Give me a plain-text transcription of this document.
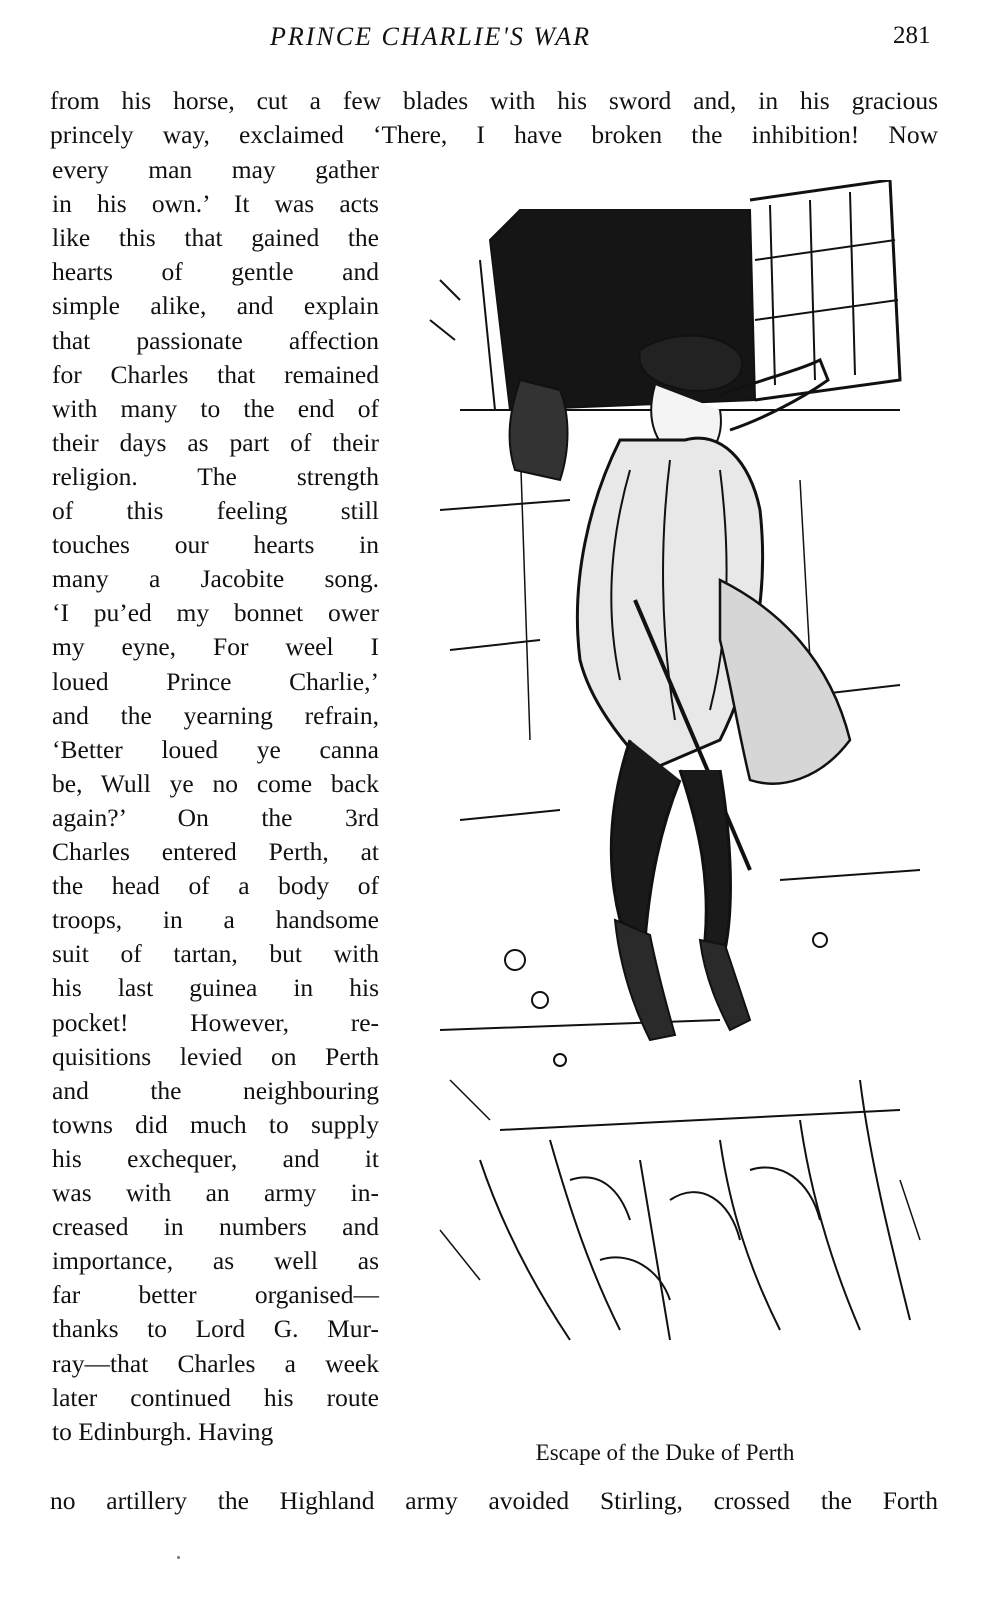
PRINCE CHARLIE'S WAR	281
from his horse, cut a few blades with his sword and, in his gracious
princely way, exclaimed ‘There, I have broken the inhibition! Now
every man may gather
in his own.’ It was acts
like this that gained the
hearts of gentle and
simple alike, and explain
that passionate affection
for Charles that remained
with many to the end of
their days as part of their
religion. The strength
of this feeling still
touches our hearts in
many a Jacobite song.
‘I pu’ed my bonnet ower
my eyne, For weel I
loued Prince Charlie,’
and the yearning refrain,
‘Better loued ye canna
be, Wull ye no come back
again?’ On the 3rd
Charles entered Perth, at
the head of a body of
troops, in a handsome
suit of tartan, but with
his last guinea in his
pocket! However, re-
quisitions levied on Perth
and the neighbouring
towns did much to supply
his exchequer, and it
was with an army in-
creased in numbers and
importance, as well as
far better organised—
thanks to Lord G. Mur-
ray—that Charles a week
later continued his route
to Edinburgh. Having
no artillery the Highland army avoided Stirling, crossed the Forth
Escape of the Duke of Perth
